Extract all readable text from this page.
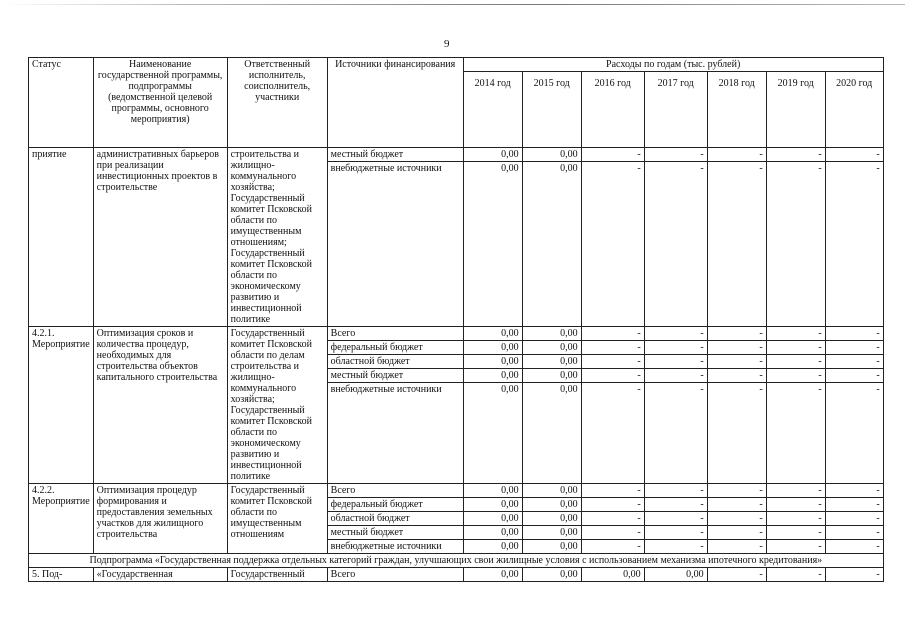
9
Статус	Наименование государственной программы, подпрограммы (ведомственной целевой программы, основного мероприятия)	Ответственный исполнитель, соисполнитель, участники	Источники финансирования	Расходы по годам (тыс. рублей)						
				2014 год	2015 год	2016 год	2017 год	2018 год	2019 год	2020 год
приятие	административных барьеров при реализации инвестиционных проектов в строительстве	строительства и жилищно-коммунального хозяйства; Государственный комитет Псковской области по имущественным отношениям; Государственный комитет Псковской области по экономическому развитию и инвестиционной политике	местный бюджет	0,00	0,00	-	-	-	-	-
			внебюджетные источники	0,00	0,00	-	-	-	-	-
4.2.1. Мероприятие	Оптимизация сроков и количества процедур, необходимых для строительства объектов капитального строительства	Государственный комитет Псковской области по делам строительства и жилищно-коммунального хозяйства; Государственный комитет Псковской области по экономическому развитию и инвестиционной политике	Всего	0,00	0,00	-	-	-	-	-
			федеральный бюджет	0,00	0,00	-	-	-	-	-
			областной бюджет	0,00	0,00	-	-	-	-	-
			местный бюджет	0,00	0,00	-	-	-	-	-
			внебюджетные источники	0,00	0,00	-	-	-	-	-
4.2.2. Мероприятие	Оптимизация процедур формирования и предоставления земельных участков для жилищного строительства	Государственный комитет Псковской области по имущественным отношениям	Всего	0,00	0,00	-	-	-	-	-
			федеральный бюджет	0,00	0,00	-	-	-	-	-
			областной бюджет	0,00	0,00	-	-	-	-	-
			местный бюджет	0,00	0,00	-	-	-	-	-
			внебюджетные источники	0,00	0,00	-	-	-	-	-
Подпрограмма «Государственная поддержка отдельных категорий граждан, улучшающих свои жилищные условия с использованием механизма ипотечного кредитования»										
5. Под-	«Государственная	Государственный	Всего	0,00	0,00	0,00	0,00	-	-	-
